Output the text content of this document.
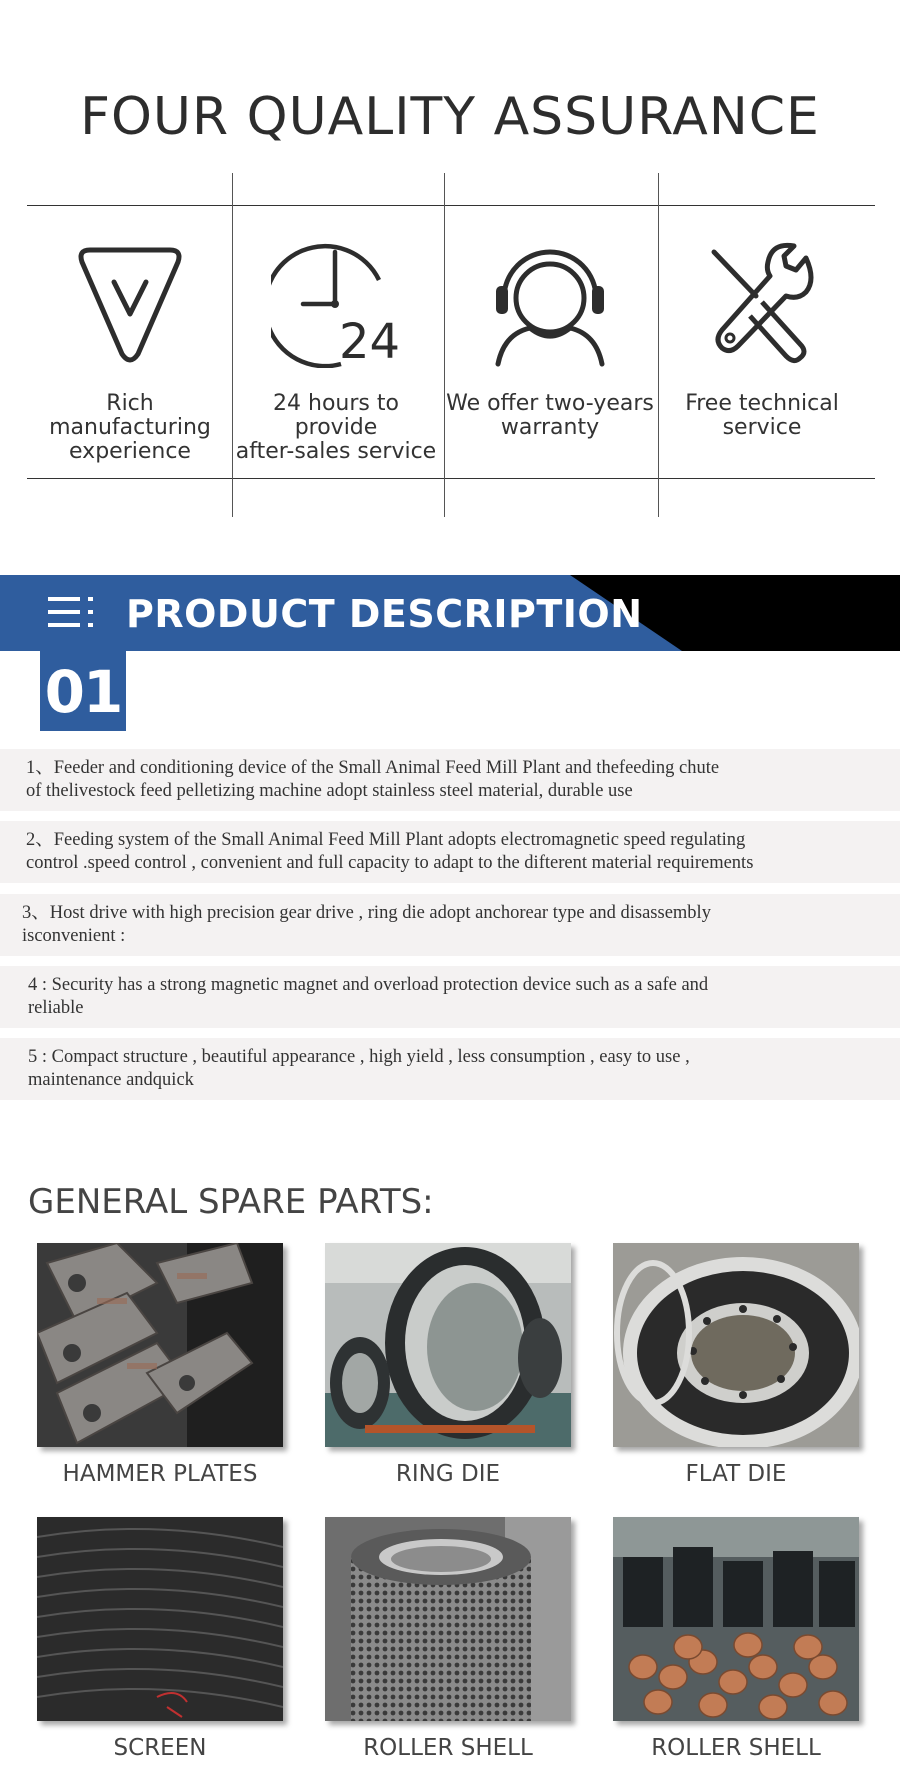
FOUR QUALITY ASSURANCE
Rich manufacturing
experience
24
24 hours to provide
after-sales service
We offer two-years
warranty
Free technical
service
PRODUCT DESCRIPTION
01
1、Feeder and conditioning device of the Small Animal Feed Mill Plant and thefeeding chute
of thelivestock feed pelletizing machine adopt stainless steel material, durable use
2、Feeding system of the Small Animal Feed Mill Plant adopts electromagnetic speed regulating
control .speed control , convenient and full capacity to adapt to the difterent material requirements
3、Host drive with high precision gear drive , ring die adopt anchorear type and disassembly
isconvenient :
4 : Security has a strong magnetic magnet and overload protection device such as a safe and
reliable
5 : Compact structure , beautiful appearance , high yield , less consumption , easy to use ,
maintenance andquick
GENERAL SPARE PARTS:
HAMMER PLATES	RING DIE	FLAT DIE
SCREEN	ROLLER SHELL	ROLLER SHELL
